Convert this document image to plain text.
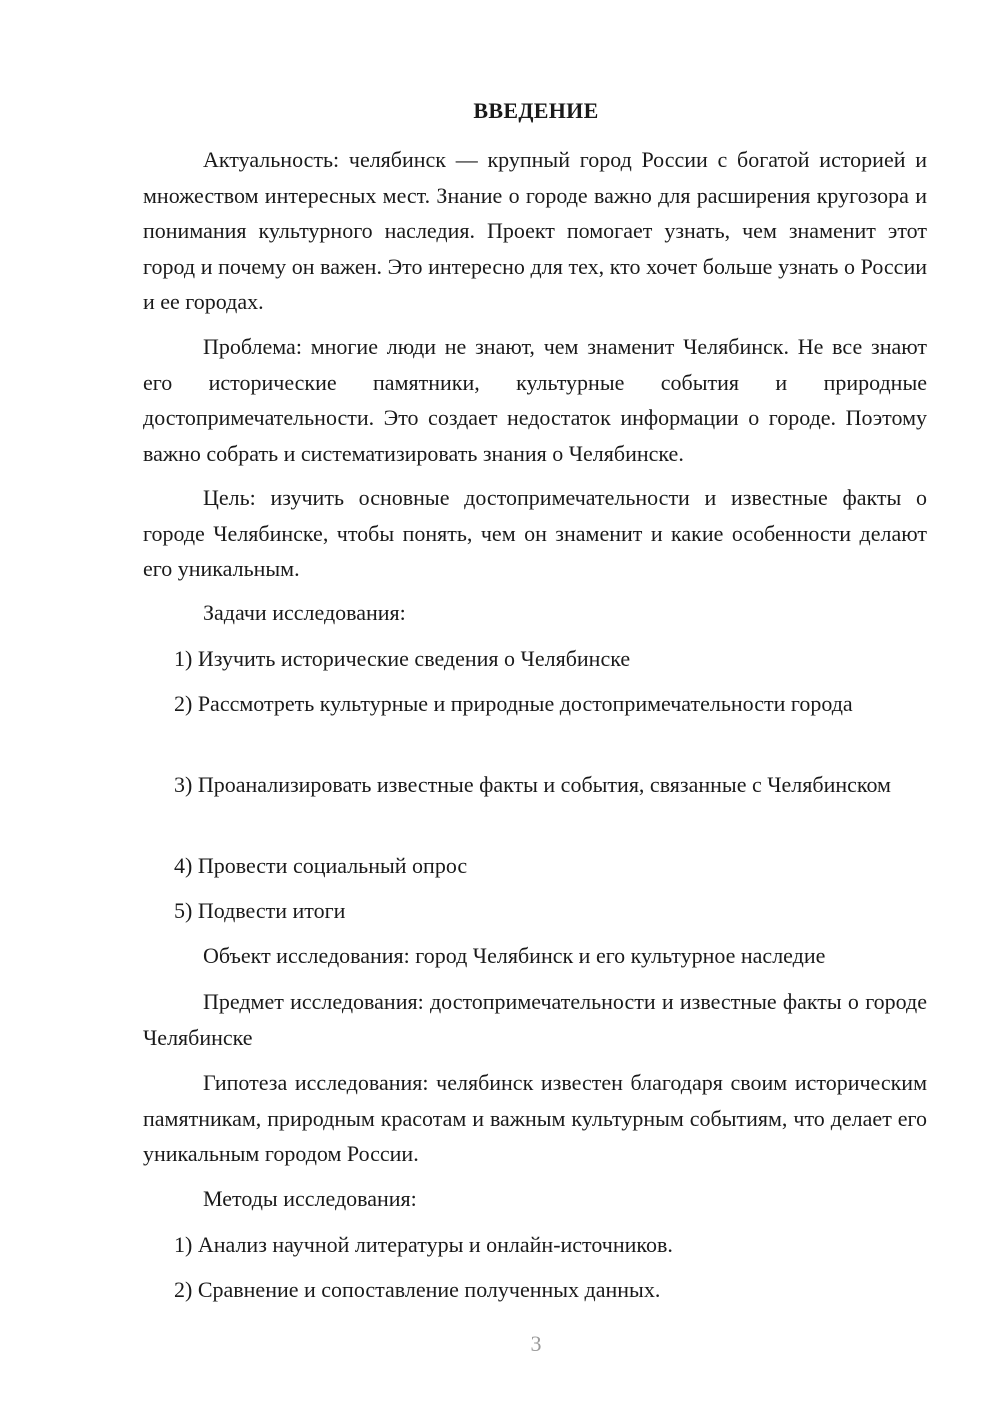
ВВЕДЕНИЕ

Актуальность: челябинск — крупный город России с богатой историей и множеством интересных мест. Знание о городе важно для расширения кругозора и понимания культурного наследия. Проект помогает узнать, чем знаменит этот город и почему он важен. Это интересно для тех, кто хочет больше узнать о России и ее городах.

Проблема: многие люди не знают, чем знаменит Челябинск. Не все знают его исторические памятники, культурные события и природные достопримечательности. Это создает недостаток информации о городе. Поэтому важно собрать и систематизировать знания о Челябинске.

Цель: изучить основные достопримечательности и известные факты о городе Челябинске, чтобы понять, чем он знаменит и какие особенности делают его уникальным.

Задачи исследования:

1) Изучить исторические сведения о Челябинске

2) Рассмотреть культурные и природные достопримечательности города

3) Проанализировать известные факты и события, связанные с Челябинском

4) Провести социальный опрос

5) Подвести итоги

Объект исследования: город Челябинск и его культурное наследие

Предмет исследования: достопримечательности и известные факты о городе Челябинске

Гипотеза исследования: челябинск известен благодаря своим историческим памятникам, природным красотам и важным культурным событиям, что делает его уникальным городом России.

Методы исследования:

1) Анализ научной литературы и онлайн-источников.

2) Сравнение и сопоставление полученных данных.

3
